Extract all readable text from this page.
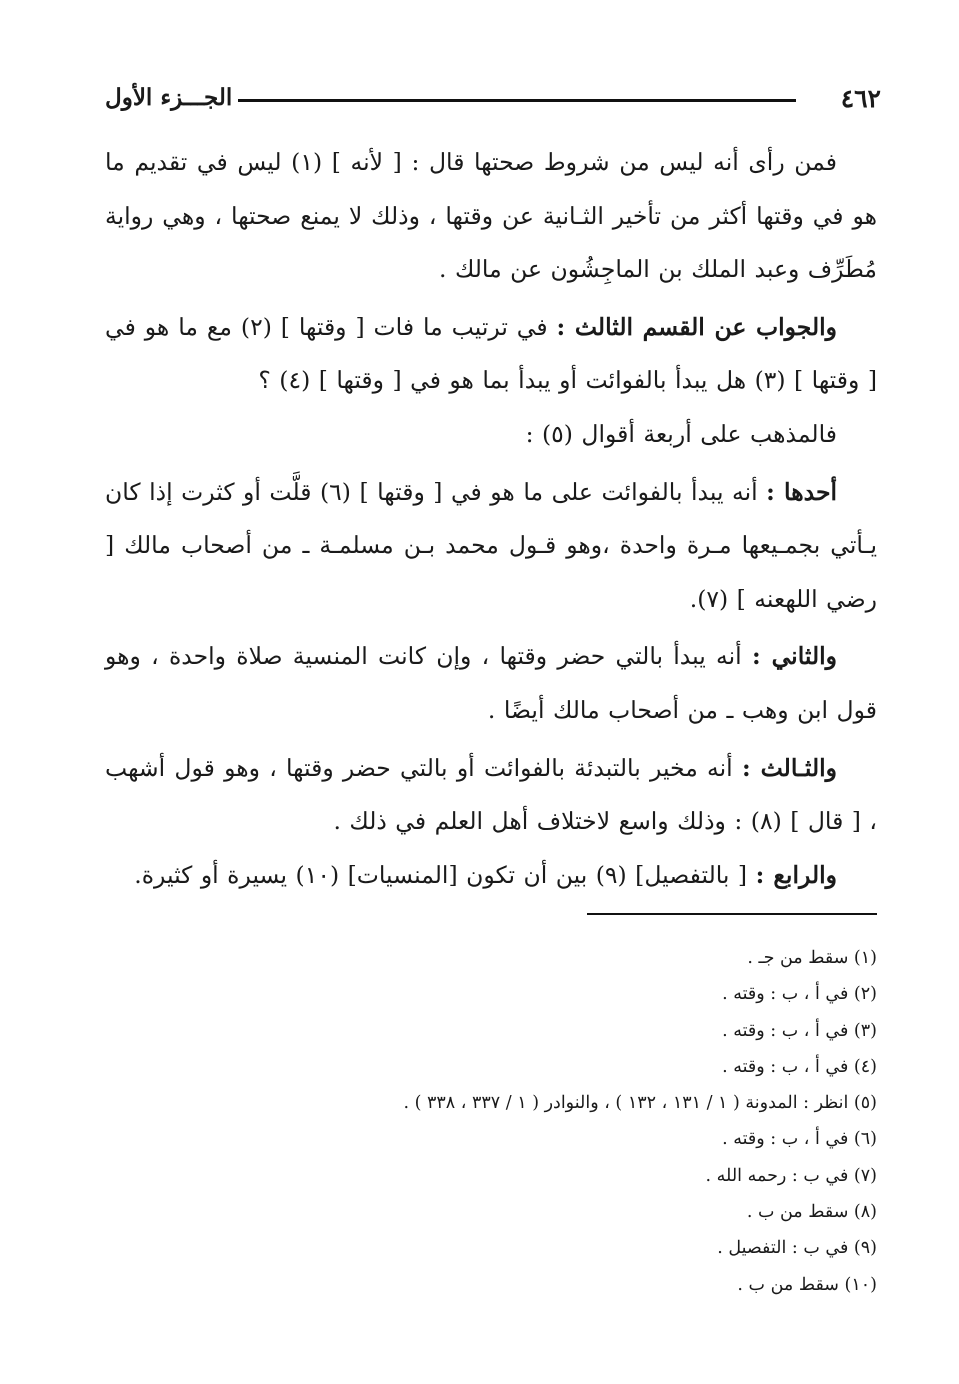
٤٦٢
الجـــزء الأول

فمن رأى أنه ليس من شروط صحتها قال : [ لأنه ] (١) ليس في تقديم ما هو في وقتها أكثر من تأخير الثـانية عن وقتها ، وذلك لا يمنع صحتها ، وهي رواية مُطَرِّف وعبد الملك بن الماجِشُون عن مالك .

والجواب عن القسم الثالث : في ترتيب ما فات [ وقتها ] (٢) مع ما هو في [ وقتها ] (٣) هل يبدأ بالفوائت أو يبدأ بما هو في [ وقتها ] (٤) ؟

فالمذهب على أربعة أقوال (٥) :

أحدها : أنه يبدأ بالفوائت على ما هو في [ وقتها ] (٦) قلَّت أو كثرت إذا كان يـأتي بجمـيعها مـرة واحدة ،وهو قـول محمد بـن مسلمـة ـ من أصحاب مالك [ رضي اللهعنه ] (٧).

والثاني : أنه يبدأ بالتي حضر وقتها ، وإن كانت المنسية صلاة واحدة ، وهو قول ابن وهب ـ من أصحاب مالك أيضًا .

والثـالث : أنه مخير بالتبدئة بالفوائت أو بالتي حضر وقتها ، وهو قول أشهب ، [ قال ] (٨) : وذلك واسع لاختلاف أهل العلم في ذلك .

والرابع : [ بالتفصيل] (٩) بين أن تكون [المنسيات] (١٠) يسيرة أو كثيرة.

(١) سقط من جـ .

(٢) في أ ، ب : وقته .

(٣) في أ ، ب : وقته .

(٤) في أ ، ب : وقته .

(٥) انظر : المدونة ( ١ / ١٣١ ، ١٣٢ ) ، والنوادر ( ١ / ٣٣٧ ، ٣٣٨ ) .

(٦) في أ ، ب : وقته .

(٧) في ب : رحمه الله .

(٨) سقط من ب .

(٩) في ب : التفصيل .

(١٠) سقط من ب .
